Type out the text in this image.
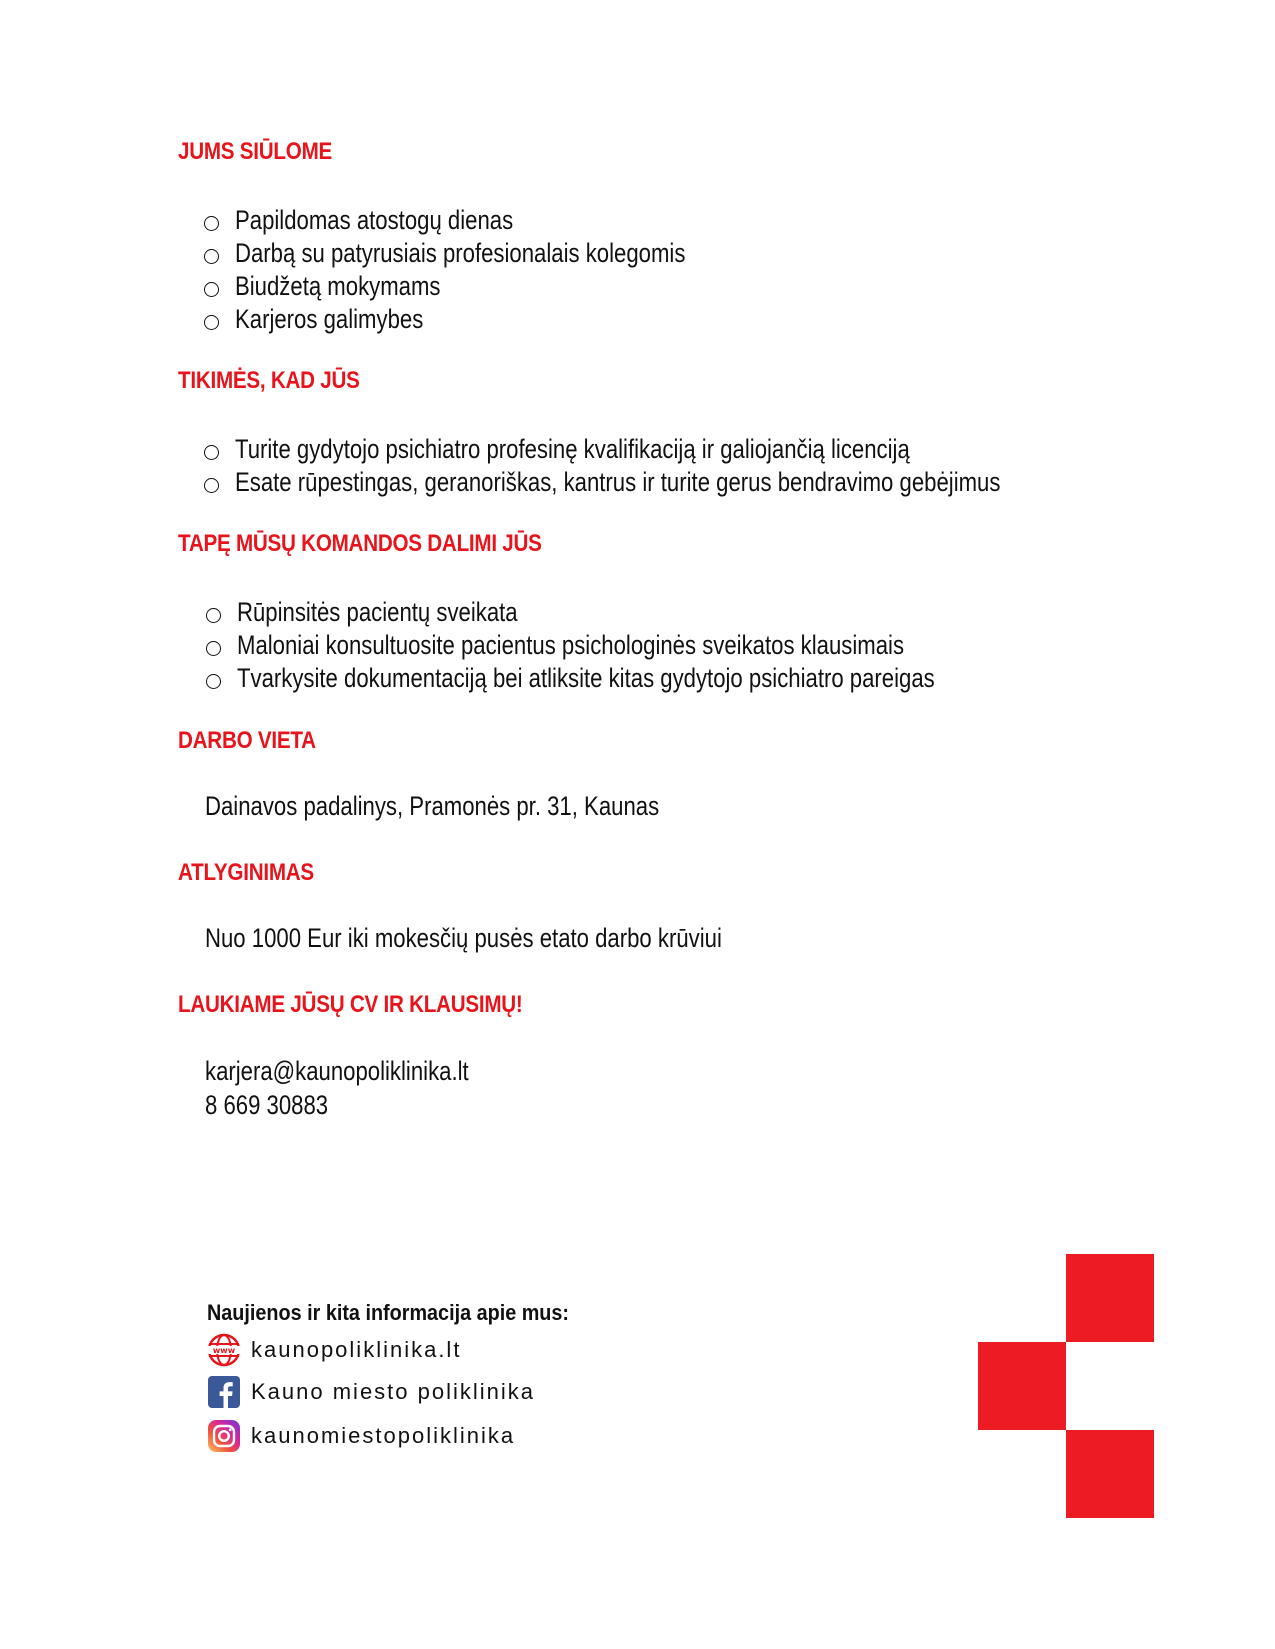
JUMS SIŪLOME
Papildomas atostogų dienas
Darbą su patyrusiais profesionalais kolegomis
Biudžetą mokymams
Karjeros galimybes
TIKIMĖS, KAD JŪS
Turite gydytojo psichiatro profesinę kvalifikaciją ir galiojančią licenciją
Esate rūpestingas, geranoriškas, kantrus ir turite gerus bendravimo gebėjimus
TAPĘ MŪSŲ KOMANDOS DALIMI JŪS
Rūpinsitės pacientų sveikata
Maloniai konsultuosite pacientus psichologinės sveikatos klausimais
Tvarkysite dokumentaciją bei atliksite kitas gydytojo psichiatro pareigas
DARBO VIETA

Dainavos padalinys, Pramonės pr. 31, Kaunas

ATLYGINIMAS

Nuo 1000 Eur iki mokesčių pusės etato darbo krūviui

LAUKIAME JŪSŲ CV IR KLAUSIMŲ!

karjera@kaunopoliklinika.lt

8 669 30883

Naujienos ir kita informacija apie mus:

www kaunopoliklinika.lt
Kauno miesto poliklinika
kaunomiestopoliklinika
